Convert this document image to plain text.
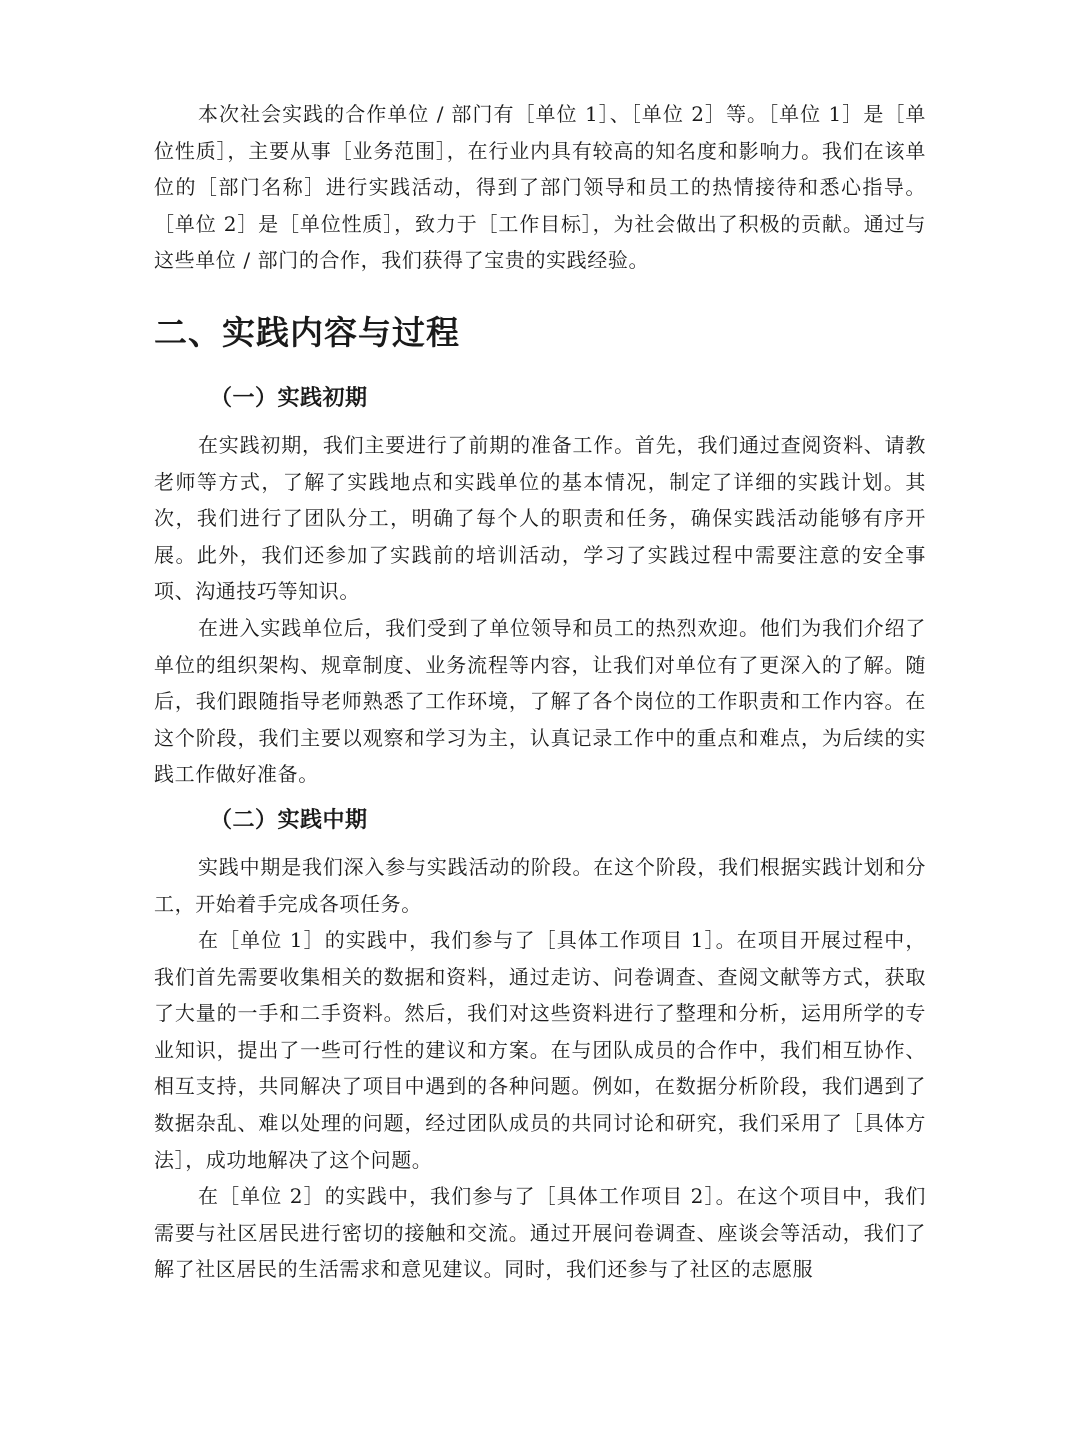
本次社会实践的合作单位 / 部门有［单位 1］、［单位 2］等。［单位 1］是［单位性质］，主要从事［业务范围］，在行业内具有较高的知名度和影响力。我们在该单位的［部门名称］进行实践活动，得到了部门领导和员工的热情接待和悉心指导。［单位 2］是［单位性质］，致力于［工作目标］，为社会做出了积极的贡献。通过与这些单位 / 部门的合作，我们获得了宝贵的实践经验。

二、实践内容与过程
（一）实践初期

在实践初期，我们主要进行了前期的准备工作。首先，我们通过查阅资料、请教老师等方式，了解了实践地点和实践单位的基本情况，制定了详细的实践计划。其次，我们进行了团队分工，明确了每个人的职责和任务，确保实践活动能够有序开展。此外，我们还参加了实践前的培训活动，学习了实践过程中需要注意的安全事项、沟通技巧等知识。

在进入实践单位后，我们受到了单位领导和员工的热烈欢迎。他们为我们介绍了单位的组织架构、规章制度、业务流程等内容，让我们对单位有了更深入的了解。随后，我们跟随指导老师熟悉了工作环境，了解了各个岗位的工作职责和工作内容。在这个阶段，我们主要以观察和学习为主，认真记录工作中的重点和难点，为后续的实践工作做好准备。

（二）实践中期

实践中期是我们深入参与实践活动的阶段。在这个阶段，我们根据实践计划和分工，开始着手完成各项任务。

在［单位 1］的实践中，我们参与了［具体工作项目 1］。在项目开展过程中，我们首先需要收集相关的数据和资料，通过走访、问卷调查、查阅文献等方式，获取了大量的一手和二手资料。然后，我们对这些资料进行了整理和分析，运用所学的专业知识，提出了一些可行性的建议和方案。在与团队成员的合作中，我们相互协作、相互支持，共同解决了项目中遇到的各种问题。例如，在数据分析阶段，我们遇到了数据杂乱、难以处理的问题，经过团队成员的共同讨论和研究，我们采用了［具体方法］，成功地解决了这个问题。

在［单位 2］的实践中，我们参与了［具体工作项目 2］。在这个项目中，我们需要与社区居民进行密切的接触和交流。通过开展问卷调查、座谈会等活动，我们了解了社区居民的生活需求和意见建议。同时，我们还参与了社区的志愿服
